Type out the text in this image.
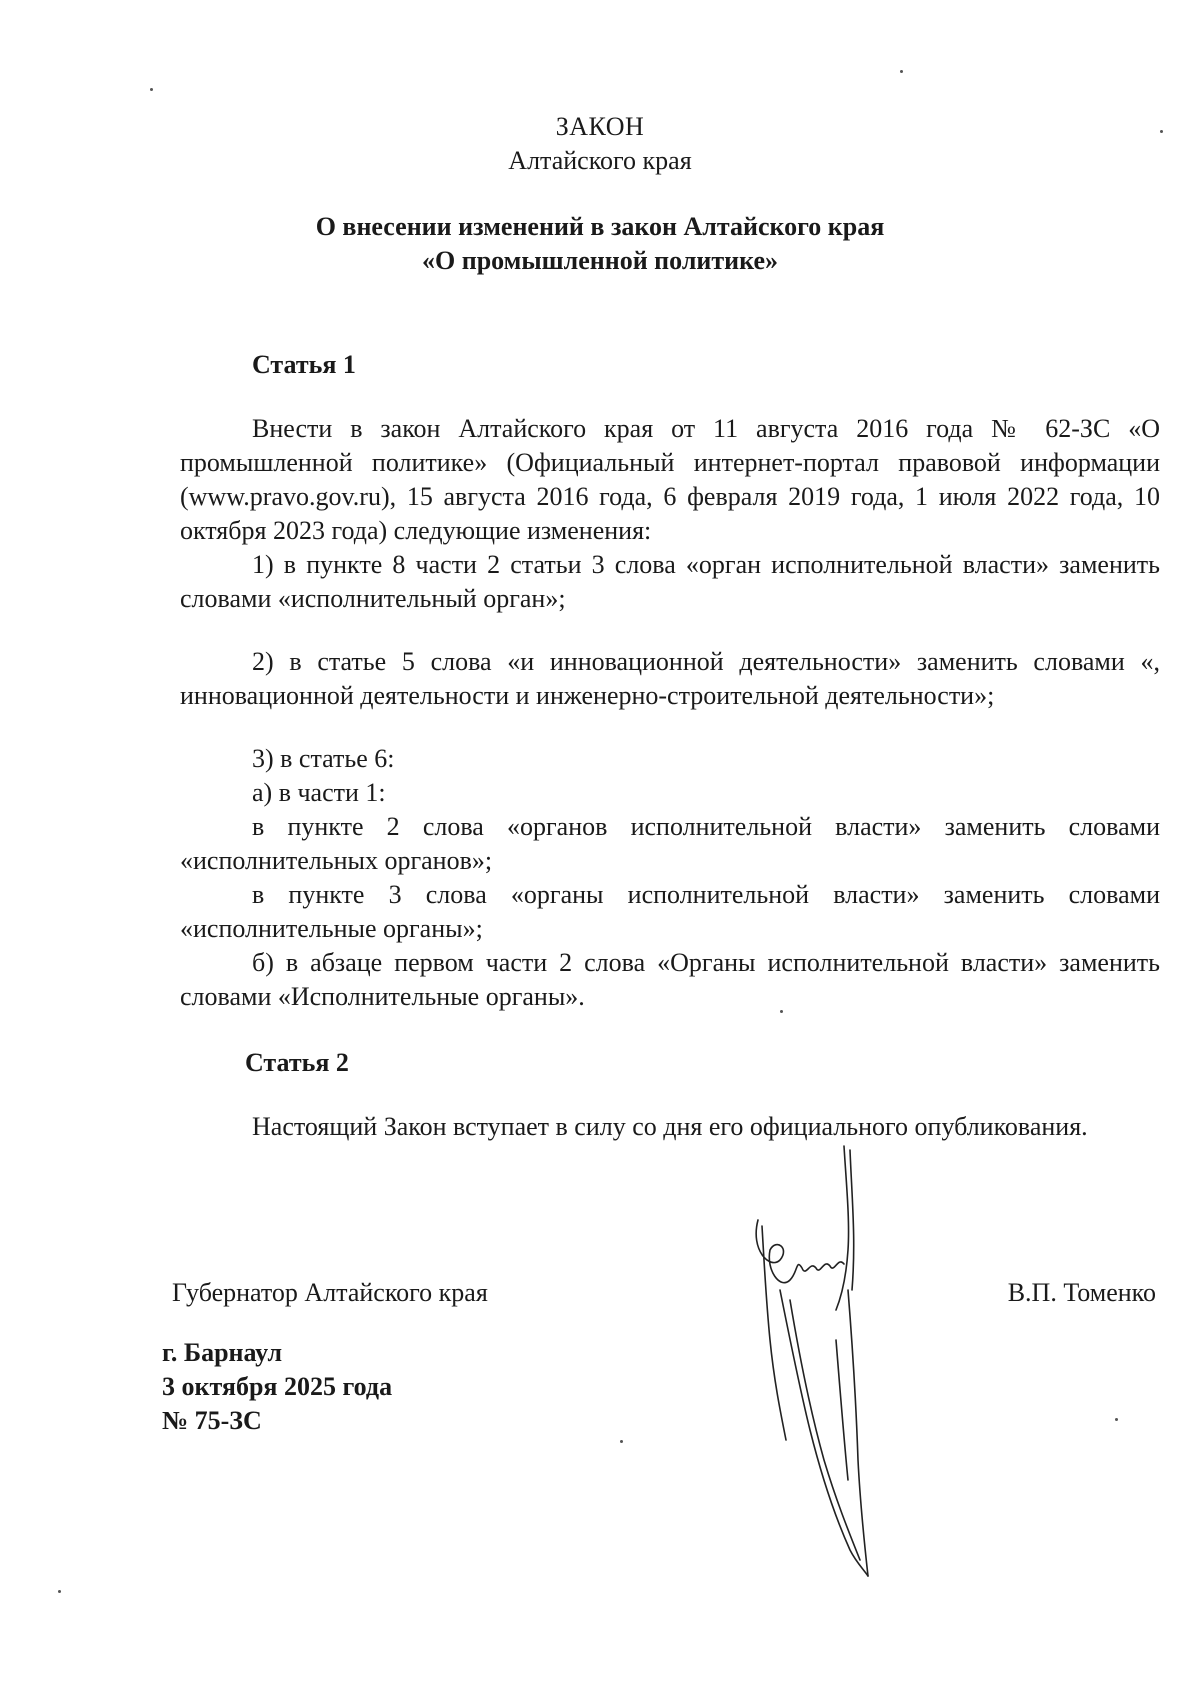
ЗАКОН
Алтайского края
О внесении изменений в закон Алтайского края
«О промышленной политике»
Статья 1
Внести в закон Алтайского края от 11 августа 2016 года № 62-ЗС «О промышленной политике» (Официальный интернет-портал правовой информации (www.pravo.gov.ru), 15 августа 2016 года, 6 февраля 2019 года, 1 июля 2022 года, 10 октября 2023 года) следующие изменения:
1) в пункте 8 части 2 статьи 3 слова «орган исполнительной власти» заменить словами «исполнительный орган»;
2) в статье 5 слова «и инновационной деятельности» заменить словами «, инновационной деятельности и инженерно-строительной деятельности»;
3) в статье 6:
а) в части 1:
в пункте 2 слова «органов исполнительной власти» заменить словами «исполнительных органов»;
в пункте 3 слова «органы исполнительной власти» заменить словами «исполнительные органы»;
б) в абзаце первом части 2 слова «Органы исполнительной власти» заменить словами «Исполнительные органы».
Статья 2
Настоящий Закон вступает в силу со дня его официального опубликования.
Губернатор Алтайского края	В.П. Томенко
г. Барнаул
3 октября 2025 года
№ 75-ЗС
